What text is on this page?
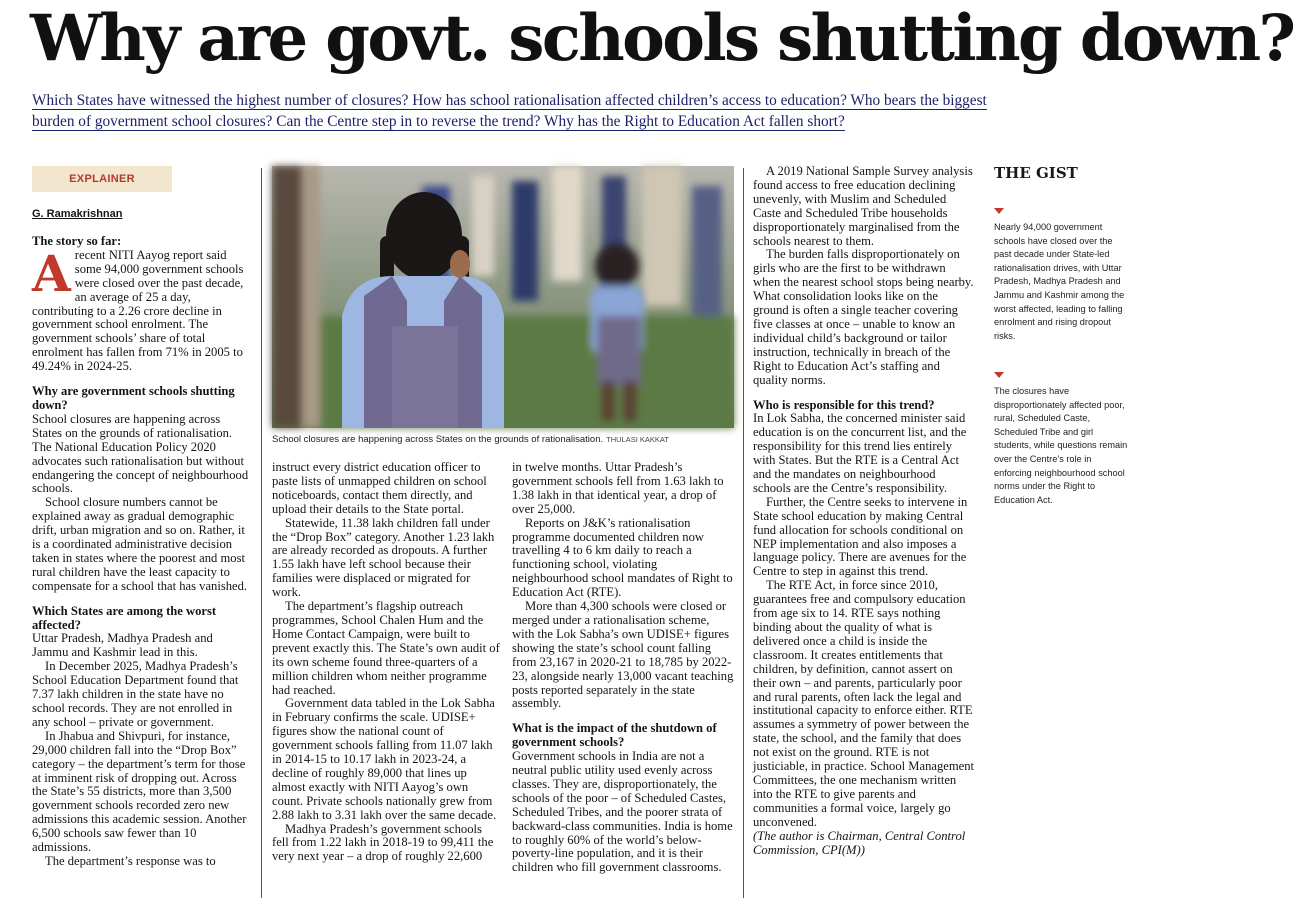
Why are govt. schools shutting down?
Which States have witnessed the highest number of closures? How has school rationalisation affected children’s access to education? Who bears the biggest
burden of government school closures? Can the Centre step in to reverse the trend? Why has the Right to Education Act fallen short?
EXPLAINER
G. Ramakrishnan
The story so far:

Arecent NITI Aayog report said some 94,000 government schools were closed over the past decade, an average of 25 a day, contributing to a 2.26 crore decline in government school enrolment. The government schools’ share of total enrolment has fallen from 71% in 2005 to 49.24% in 2024-25.

Why are government schools shutting down?

School closures are happening across States on the grounds of rationalisation. The National Education Policy 2020 advocates such rationalisation but without endangering the concept of neighbourhood schools.

School closure numbers cannot be explained away as gradual demographic drift, urban migration and so on. Rather, it is a coordinated administrative decision taken in states where the poorest and most rural children have the least capacity to compensate for a school that has vanished.

Which States are among the worst affected?

Uttar Pradesh, Madhya Pradesh and Jammu and Kashmir lead in this.

In December 2025, Madhya Pradesh’s School Education Department found that 7.37 lakh children in the state have no school records. They are not enrolled in any school – private or government.

In Jhabua and Shivpuri, for instance, 29,000 children fall into the “Drop Box” category – the department’s term for those at imminent risk of dropping out. Across the State’s 55 districts, more than 3,500 government schools recorded zero new admissions this academic session. Another 6,500 schools saw fewer than 10 admissions.

The department’s response was to

School closures are happening across States on the grounds of rationalisation. THULASI KAKKAT

instruct every district education officer to paste lists of unmapped children on school noticeboards, contact them directly, and upload their details to the State portal.

Statewide, 11.38 lakh children fall under the “Drop Box” category. Another 1.23 lakh are already recorded as dropouts. A further 1.55 lakh have left school because their families were displaced or migrated for work.

The department’s flagship outreach programmes, School Chalen Hum and the Home Contact Campaign, were built to prevent exactly this. The State’s own audit of its own scheme found three-quarters of a million children whom neither programme had reached.

Government data tabled in the Lok Sabha in February confirms the scale. UDISE+ figures show the national count of government schools falling from 11.07 lakh in 2014-15 to 10.17 lakh in 2023-24, a decline of roughly 89,000 that lines up almost exactly with NITI Aayog’s own count. Private schools nationally grew from 2.88 lakh to 3.31 lakh over the same decade.

Madhya Pradesh’s government schools fell from 1.22 lakh in 2018-19 to 99,411 the very next year – a drop of roughly 22,600

in twelve months. Uttar Pradesh’s government schools fell from 1.63 lakh to 1.38 lakh in that identical year, a drop of over 25,000.

Reports on J&K’s rationalisation programme documented children now travelling 4 to 6 km daily to reach a functioning school, violating neighbourhood school mandates of Right to Education Act (RTE).

More than 4,300 schools were closed or merged under a rationalisation scheme, with the Lok Sabha’s own UDISE+ figures showing the state’s school count falling from 23,167 in 2020-21 to 18,785 by 2022-23, alongside nearly 13,000 vacant teaching posts reported separately in the state assembly.

What is the impact of the shutdown of government schools?

Government schools in India are not a neutral public utility used evenly across classes. They are, disproportionately, the schools of the poor – of Scheduled Castes, Scheduled Tribes, and the poorer strata of backward-class communities. India is home to roughly 60% of the world’s below-poverty-line population, and it is their children who fill government classrooms.

A 2019 National Sample Survey analysis found access to free education declining unevenly, with Muslim and Scheduled Caste and Scheduled Tribe households disproportionately marginalised from the schools nearest to them.

The burden falls disproportionately on girls who are the first to be withdrawn when the nearest school stops being nearby. What consolidation looks like on the ground is often a single teacher covering five classes at once – unable to know an individual child’s background or tailor instruction, technically in breach of the Right to Education Act’s staffing and quality norms.

Who is responsible for this trend?

In Lok Sabha, the concerned minister said education is on the concurrent list, and the responsibility for this trend lies entirely with States. But the RTE is a Central Act and the mandates on neighbourhood schools are the Centre’s responsibility.

Further, the Centre seeks to intervene in State school education by making Central fund allocation for schools conditional on NEP implementation and also imposes a language policy. There are avenues for the Centre to step in against this trend.

The RTE Act, in force since 2010, guarantees free and compulsory education from age six to 14. RTE says nothing binding about the quality of what is delivered once a child is inside the classroom. It creates entitlements that children, by definition, cannot assert on their own – and parents, particularly poor and rural parents, often lack the legal and institutional capacity to enforce either. RTE assumes a symmetry of power between the state, the school, and the family that does not exist on the ground. RTE is not justiciable, in practice. School Management Committees, the one mechanism written into the RTE to give parents and communities a formal voice, largely go unconvened.

(The author is Chairman, Central Control Commission, CPI(M))

THE GIST
Nearly 94,000 government schools have closed over the past decade under State-led rationalisation drives, with Uttar Pradesh, Madhya Pradesh and Jammu and Kashmir among the worst affected, leading to falling enrolment and rising dropout risks.
The closures have disproportionately affected poor, rural, Scheduled Caste, Scheduled Tribe and girl students, while questions remain over the Centre’s role in enforcing neighbourhood school norms under the Right to Education Act.
